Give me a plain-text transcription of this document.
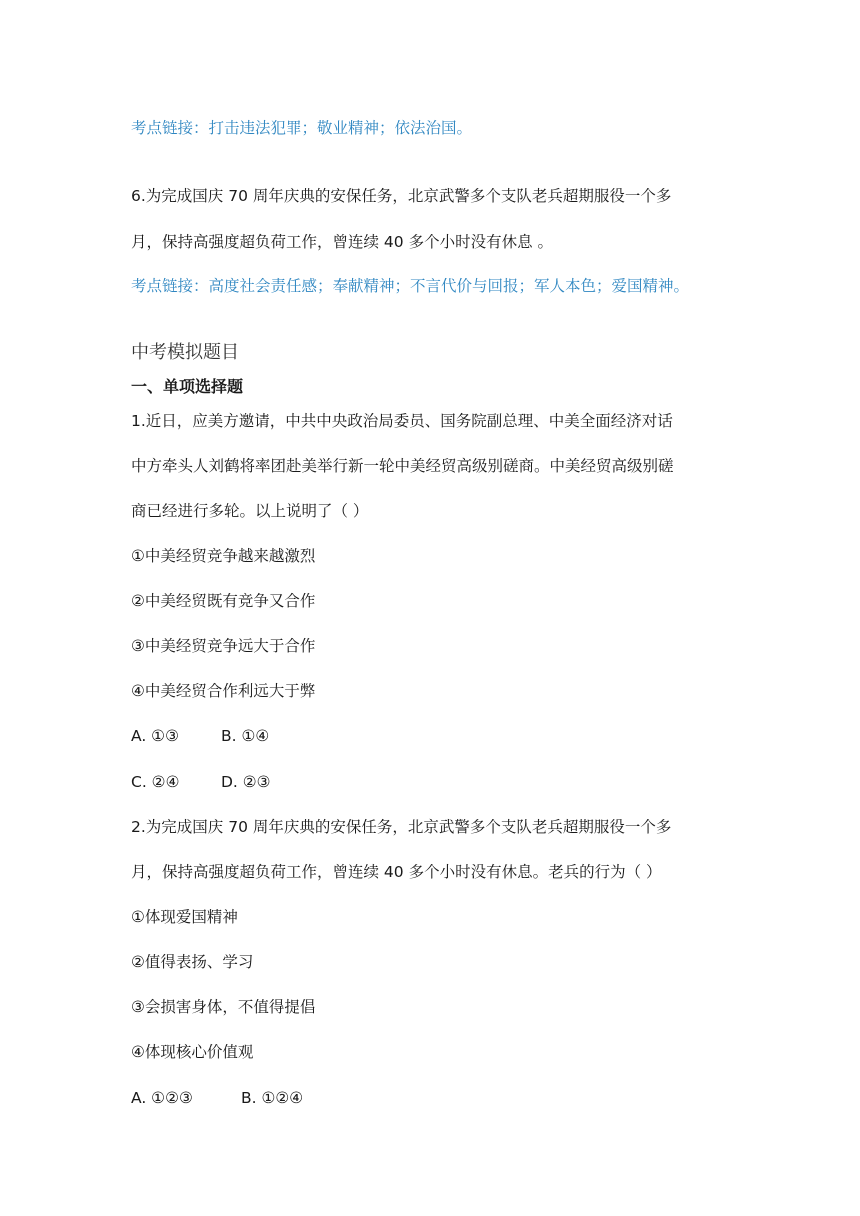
考点链接：打击违法犯罪；敬业精神；依法治国。
6.为完成国庆 70 周年庆典的安保任务，北京武警多个支队老兵超期服役一个多
月，保持高强度超负荷工作，曾连续 40 多个小时没有休息 。
考点链接：高度社会责任感；奉献精神；不言代价与回报；军人本色；爱国精神。
中考模拟题目
一、单项选择题
1.近日，应美方邀请，中共中央政治局委员、国务院副总理、中美全面经济对话
中方牵头人刘鹤将率团赴美举行新一轮中美经贸高级别磋商。中美经贸高级别磋
商已经进行多轮。以上说明了（ ）
①中美经贸竞争越来越激烈
②中美经贸既有竞争又合作
③中美经贸竞争远大于合作
④中美经贸合作利远大于弊
A. ①③	B. ①④
C. ②④	D. ②③
2.为完成国庆 70 周年庆典的安保任务，北京武警多个支队老兵超期服役一个多
月，保持高强度超负荷工作，曾连续 40 多个小时没有休息。老兵的行为（ ）
①体现爱国精神
②值得表扬、学习
③会损害身体，不值得提倡
④体现核心价值观
A. ①②③	B. ①②④
